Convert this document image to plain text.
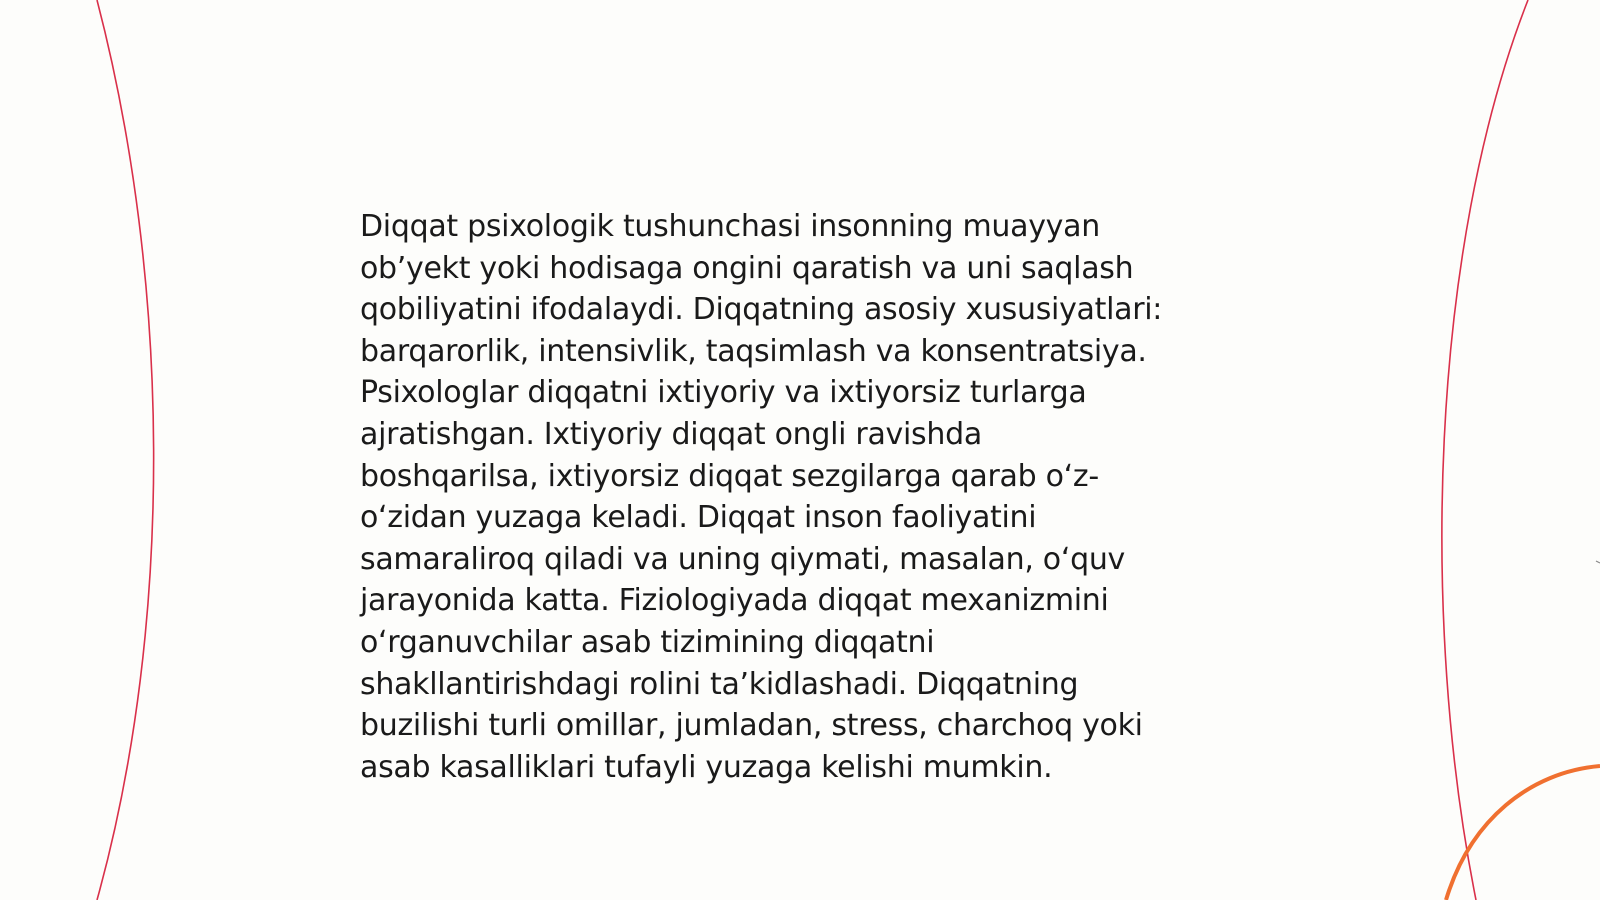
Diqqat psixologik tushunchasi insonning muayyan
ob’yekt yoki hodisaga ongini qaratish va uni saqlash
qobiliyatini ifodalaydi. Diqqatning asosiy xususiyatlari:
barqarorlik, intensivlik, taqsimlash va konsentratsiya.
Psixologlar diqqatni ixtiyoriy va ixtiyorsiz turlarga
ajratishgan. Ixtiyoriy diqqat ongli ravishda
boshqarilsa, ixtiyorsiz diqqat sezgilarga qarab o‘z-
o‘zidan yuzaga keladi. Diqqat inson faoliyatini
samaraliroq qiladi va uning qiymati, masalan, o‘quv
jarayonida katta. Fiziologiyada diqqat mexanizmini
o‘rganuvchilar asab tizimining diqqatni
shakllantirishdagi rolini ta’kidlashadi. Diqqatning
buzilishi turli omillar, jumladan, stress, charchoq yoki
asab kasalliklari tufayli yuzaga kelishi mumkin.
